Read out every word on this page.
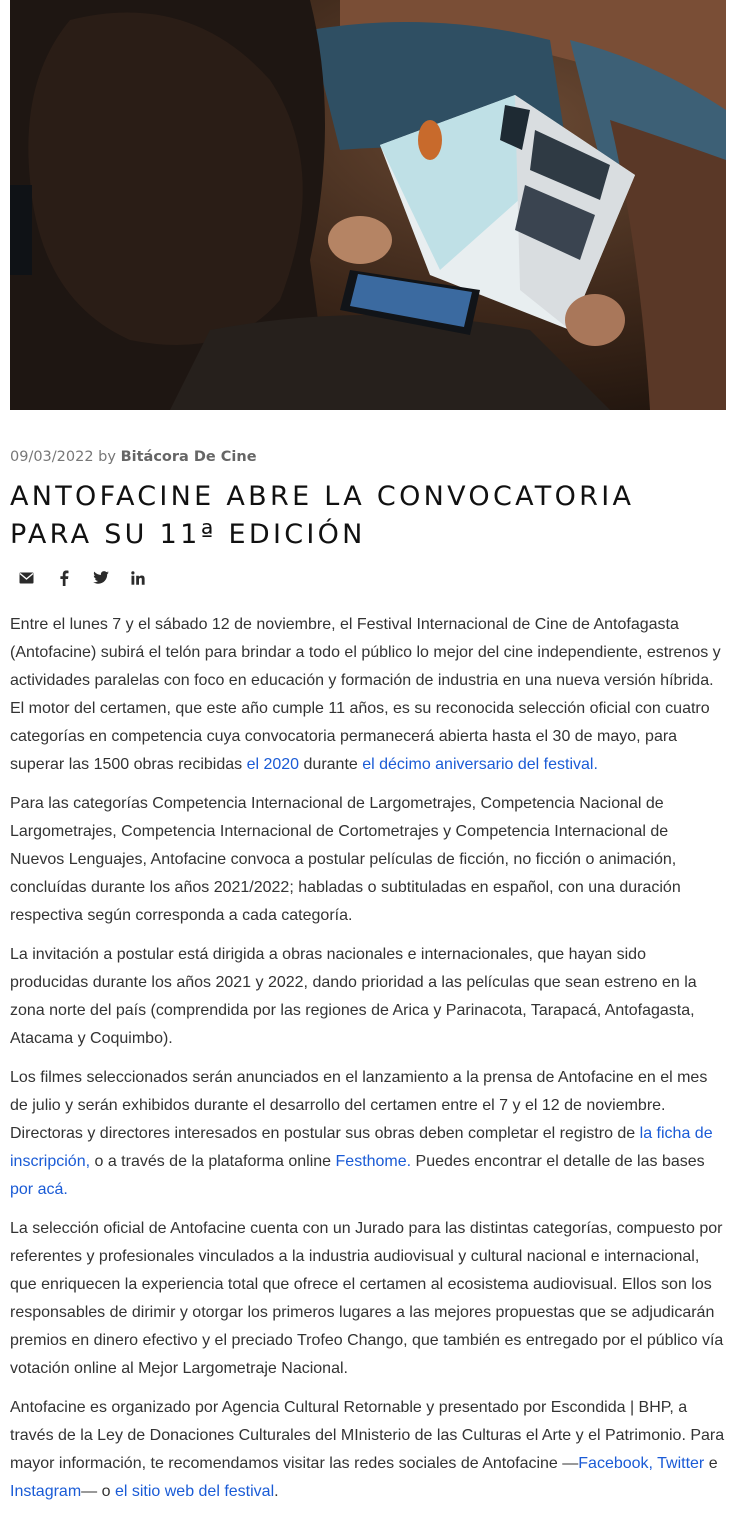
09/03/2022 by Bitácora De Cine
ANTOFACINE ABRE LA CONVOCATORIA PARA SU 11ª EDICIÓN

Entre el lunes 7 y el sábado 12 de noviembre, el Festival Internacional de Cine de Antofagasta (Antofacine) subirá el telón para brindar a todo el público lo mejor del cine independiente, estrenos y actividades paralelas con foco en educación y formación de industria en una nueva versión híbrida. El motor del certamen, que este año cumple 11 años, es su reconocida selección oficial con cuatro categorías en competencia cuya convocatoria permanecerá abierta hasta el 30 de mayo, para superar las 1500 obras recibidas el 2020 durante el décimo aniversario del festival.

Para las categorías Competencia Internacional de Largometrajes, Competencia Nacional de Largometrajes, Competencia Internacional de Cortometrajes y Competencia Internacional de Nuevos Lenguajes, Antofacine convoca a postular películas de ficción, no ficción o animación, concluídas durante los años 2021/2022; habladas o subtituladas en español, con una duración respectiva según corresponda a cada categoría.

La invitación a postular está dirigida a obras nacionales e internacionales, que hayan sido producidas durante los años 2021 y 2022, dando prioridad a las películas que sean estreno en la zona norte del país (comprendida por las regiones de Arica y Parinacota, Tarapacá, Antofagasta, Atacama y Coquimbo).

Los filmes seleccionados serán anunciados en el lanzamiento a la prensa de Antofacine en el mes de julio y serán exhibidos durante el desarrollo del certamen entre el 7 y el 12 de noviembre. Directoras y directores interesados en postular sus obras deben completar el registro de la ficha de inscripción, o a través de la plataforma online Festhome. Puedes encontrar el detalle de las bases por acá.

La selección oficial de Antofacine cuenta con un Jurado para las distintas categorías, compuesto por referentes y profesionales vinculados a la industria audiovisual y cultural nacional e internacional, que enriquecen la experiencia total que ofrece el certamen al ecosistema audiovisual. Ellos son los responsables de dirimir y otorgar los primeros lugares a las mejores propuestas que se adjudicarán premios en dinero efectivo y el preciado Trofeo Chango, que también es entregado por el público vía votación online al Mejor Largometraje Nacional.

Antofacine es organizado por Agencia Cultural Retornable y presentado por Escondida | BHP, a través de la Ley de Donaciones Culturales del MInisterio de las Culturas el Arte y el Patrimonio. Para mayor información, te recomendamos visitar las redes sociales de Antofacine —Facebook, Twitter e Instagram— o el sitio web del festival.
